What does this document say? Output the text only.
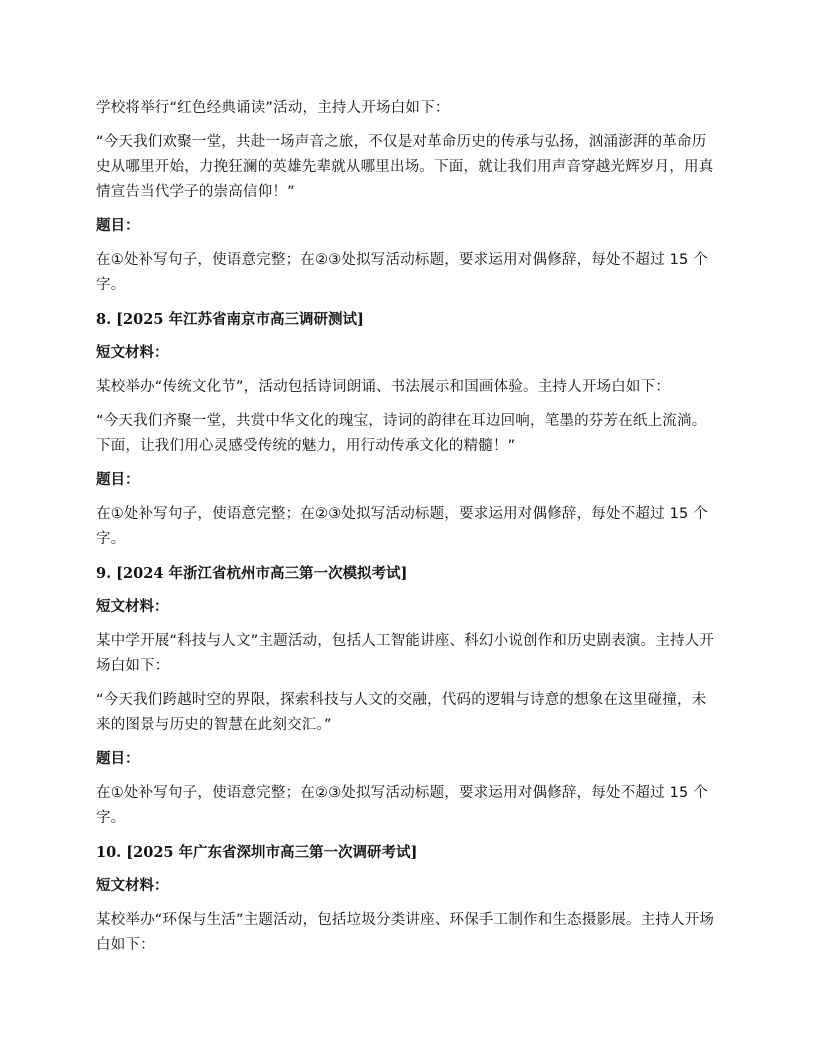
学校将举行“红色经典诵读”活动，主持人开场白如下：

“今天我们欢聚一堂，共赴一场声音之旅，不仅是对革命历史的传承与弘扬，汹涌澎湃的革命历史从哪里开始，力挽狂澜的英雄先辈就从哪里出场。下面，就让我们用声音穿越光辉岁月，用真情宣告当代学子的崇高信仰！”

题目：

在①处补写句子，使语意完整；在②③处拟写活动标题，要求运用对偶修辞，每处不超过 15 个字。

8. [2025 年江苏省南京市高三调研测试]

短文材料：

某校举办“传统文化节”，活动包括诗词朗诵、书法展示和国画体验。主持人开场白如下：

“今天我们齐聚一堂，共赏中华文化的瑰宝，诗词的韵律在耳边回响，笔墨的芬芳在纸上流淌。下面，让我们用心灵感受传统的魅力，用行动传承文化的精髓！”

题目：

在①处补写句子，使语意完整；在②③处拟写活动标题，要求运用对偶修辞，每处不超过 15 个字。

9. [2024 年浙江省杭州市高三第一次模拟考试]

短文材料：

某中学开展“科技与人文”主题活动，包括人工智能讲座、科幻小说创作和历史剧表演。主持人开场白如下：

“今天我们跨越时空的界限，探索科技与人文的交融，代码的逻辑与诗意的想象在这里碰撞，未来的图景与历史的智慧在此刻交汇。”

题目：

在①处补写句子，使语意完整；在②③处拟写活动标题，要求运用对偶修辞，每处不超过 15 个字。

10. [2025 年广东省深圳市高三第一次调研考试]

短文材料：

某校举办“环保与生活”主题活动，包括垃圾分类讲座、环保手工制作和生态摄影展。主持人开场白如下：
